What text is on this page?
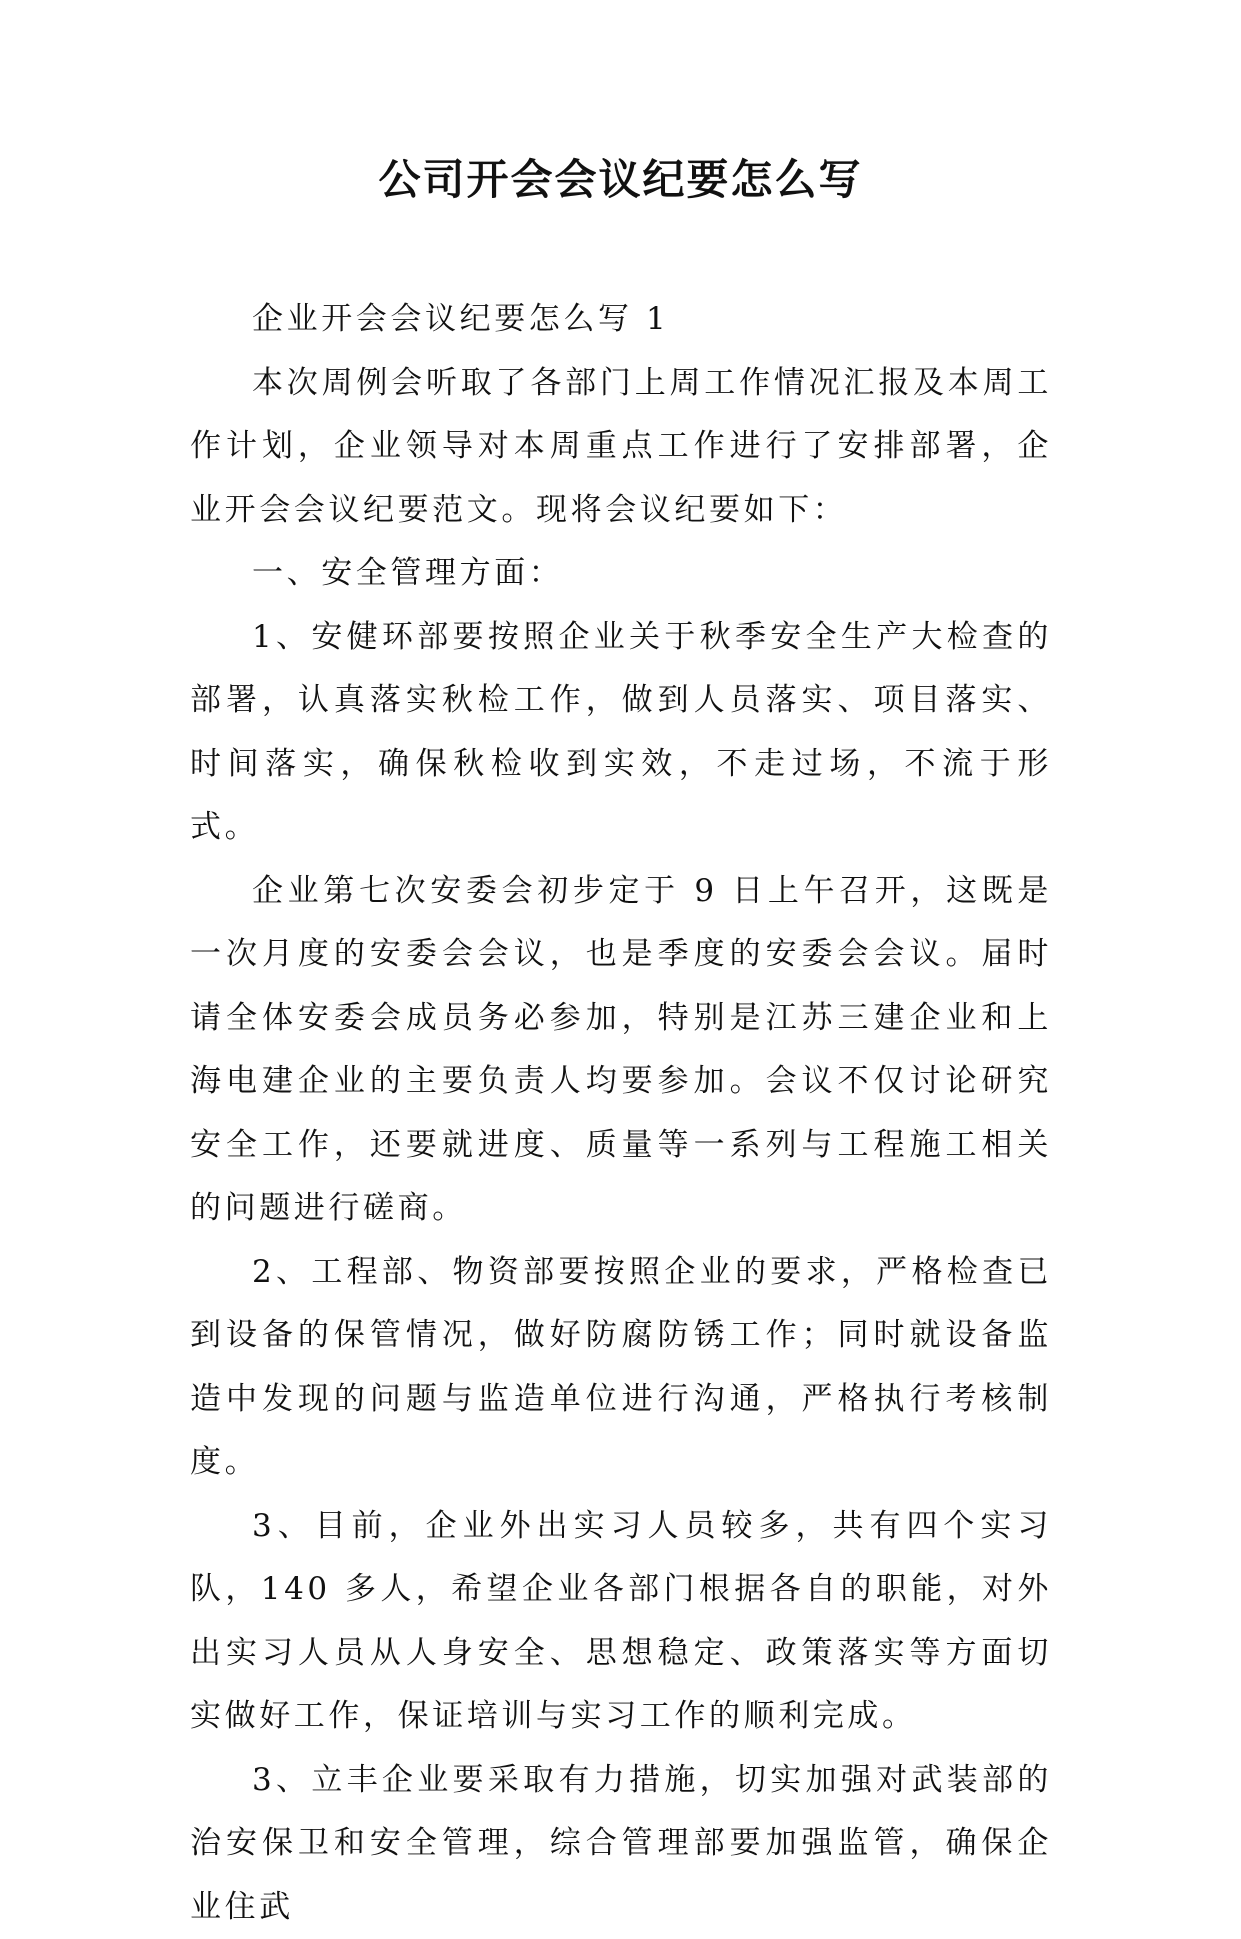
公司开会会议纪要怎么写

企业开会会议纪要怎么写 1

本次周例会听取了各部门上周工作情况汇报及本周工作计划，企业领导对本周重点工作进行了安排部署，企业开会会议纪要范文。现将会议纪要如下：

一、安全管理方面：

1、安健环部要按照企业关于秋季安全生产大检查的部署，认真落实秋检工作，做到人员落实、项目落实、时间落实，确保秋检收到实效，不走过场，不流于形式。

企业第七次安委会初步定于 9 日上午召开，这既是一次月度的安委会会议，也是季度的安委会会议。届时请全体安委会成员务必参加，特别是江苏三建企业和上海电建企业的主要负责人均要参加。会议不仅讨论研究安全工作，还要就进度、质量等一系列与工程施工相关的问题进行磋商。

2、工程部、物资部要按照企业的要求，严格检查已到设备的保管情况，做好防腐防锈工作；同时就设备监造中发现的问题与监造单位进行沟通，严格执行考核制度。

3、目前，企业外出实习人员较多，共有四个实习队，140 多人，希望企业各部门根据各自的职能，对外出实习人员从人身安全、思想稳定、政策落实等方面切实做好工作，保证培训与实习工作的顺利完成。

3、立丰企业要采取有力措施，切实加强对武装部的治安保卫和安全管理，综合管理部要加强监管，确保企业住武
